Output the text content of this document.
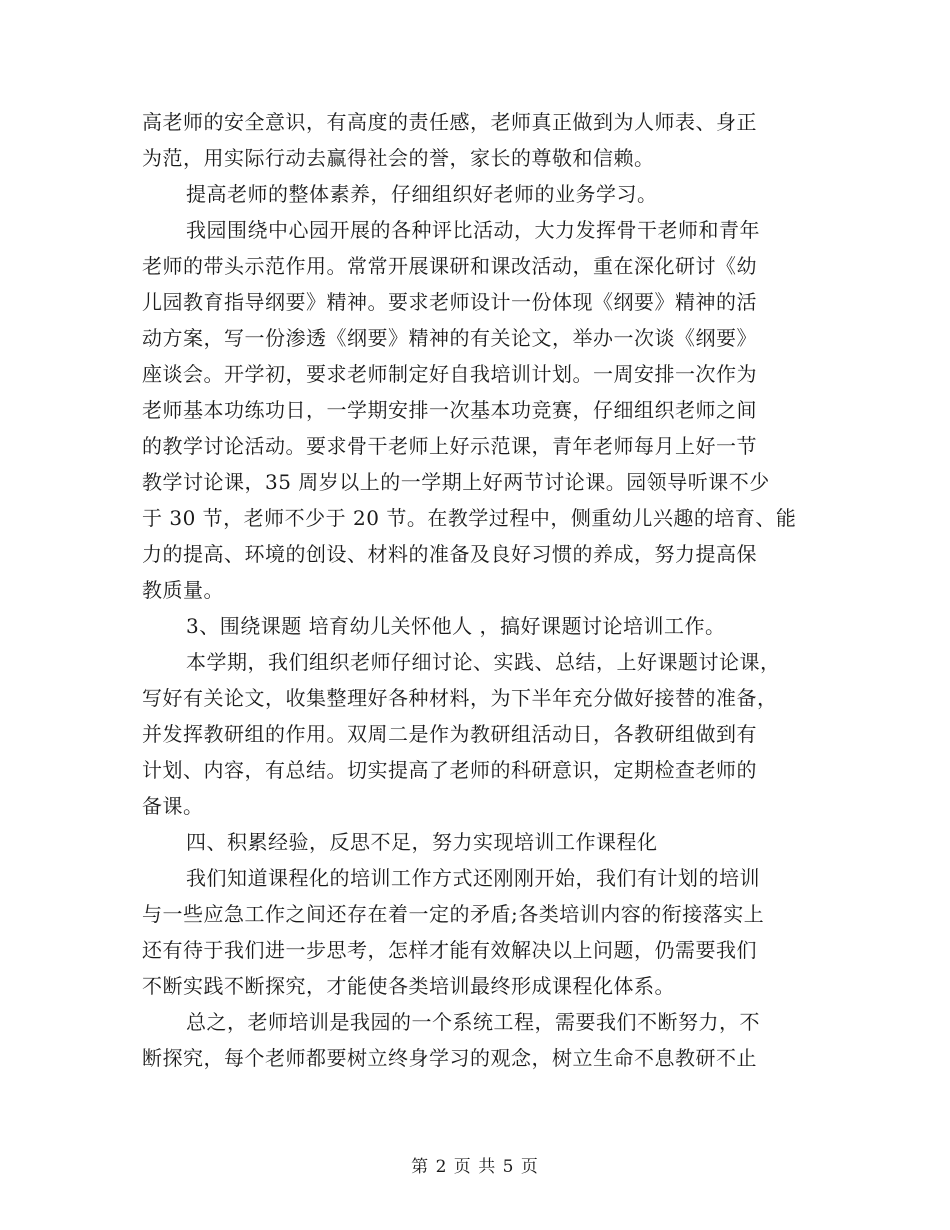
高老师的安全意识，有高度的责任感，老师真正做到为人师表、身正
为范，用实际行动去赢得社会的誉，家长的尊敬和信赖。
提高老师的整体素养，仔细组织好老师的业务学习。
我园围绕中心园开展的各种评比活动，大力发挥骨干老师和青年
老师的带头示范作用。常常开展课研和课改活动，重在深化研讨《幼
儿园教育指导纲要》精神。要求老师设计一份体现《纲要》精神的活
动方案，写一份渗透《纲要》精神的有关论文，举办一次谈《纲要》
座谈会。开学初，要求老师制定好自我培训计划。一周安排一次作为
老师基本功练功日，一学期安排一次基本功竞赛，仔细组织老师之间
的教学讨论活动。要求骨干老师上好示范课，青年老师每月上好一节
教学讨论课，35 周岁以上的一学期上好两节讨论课。园领导听课不少
于 30 节，老师不少于 20 节。在教学过程中，侧重幼儿兴趣的培育、能
力的提高、环境的创设、材料的准备及良好习惯的养成，努力提高保
教质量。
3、围绕课题 培育幼儿关怀他人 ，搞好课题讨论培训工作。
本学期，我们组织老师仔细讨论、实践、总结，上好课题讨论课，
写好有关论文，收集整理好各种材料，为下半年充分做好接替的准备，
并发挥教研组的作用。双周二是作为教研组活动日，各教研组做到有
计划、内容，有总结。切实提高了老师的科研意识，定期检查老师的
备课。
四、积累经验，反思不足，努力实现培训工作课程化
我们知道课程化的培训工作方式还刚刚开始，我们有计划的培训
与一些应急工作之间还存在着一定的矛盾;各类培训内容的衔接落实上
还有待于我们进一步思考，怎样才能有效解决以上问题，仍需要我们
不断实践不断探究，才能使各类培训最终形成课程化体系。
总之，老师培训是我园的一个系统工程，需要我们不断努力，不
断探究，每个老师都要树立终身学习的观念，树立生命不息教研不止
第 2 页 共 5 页
